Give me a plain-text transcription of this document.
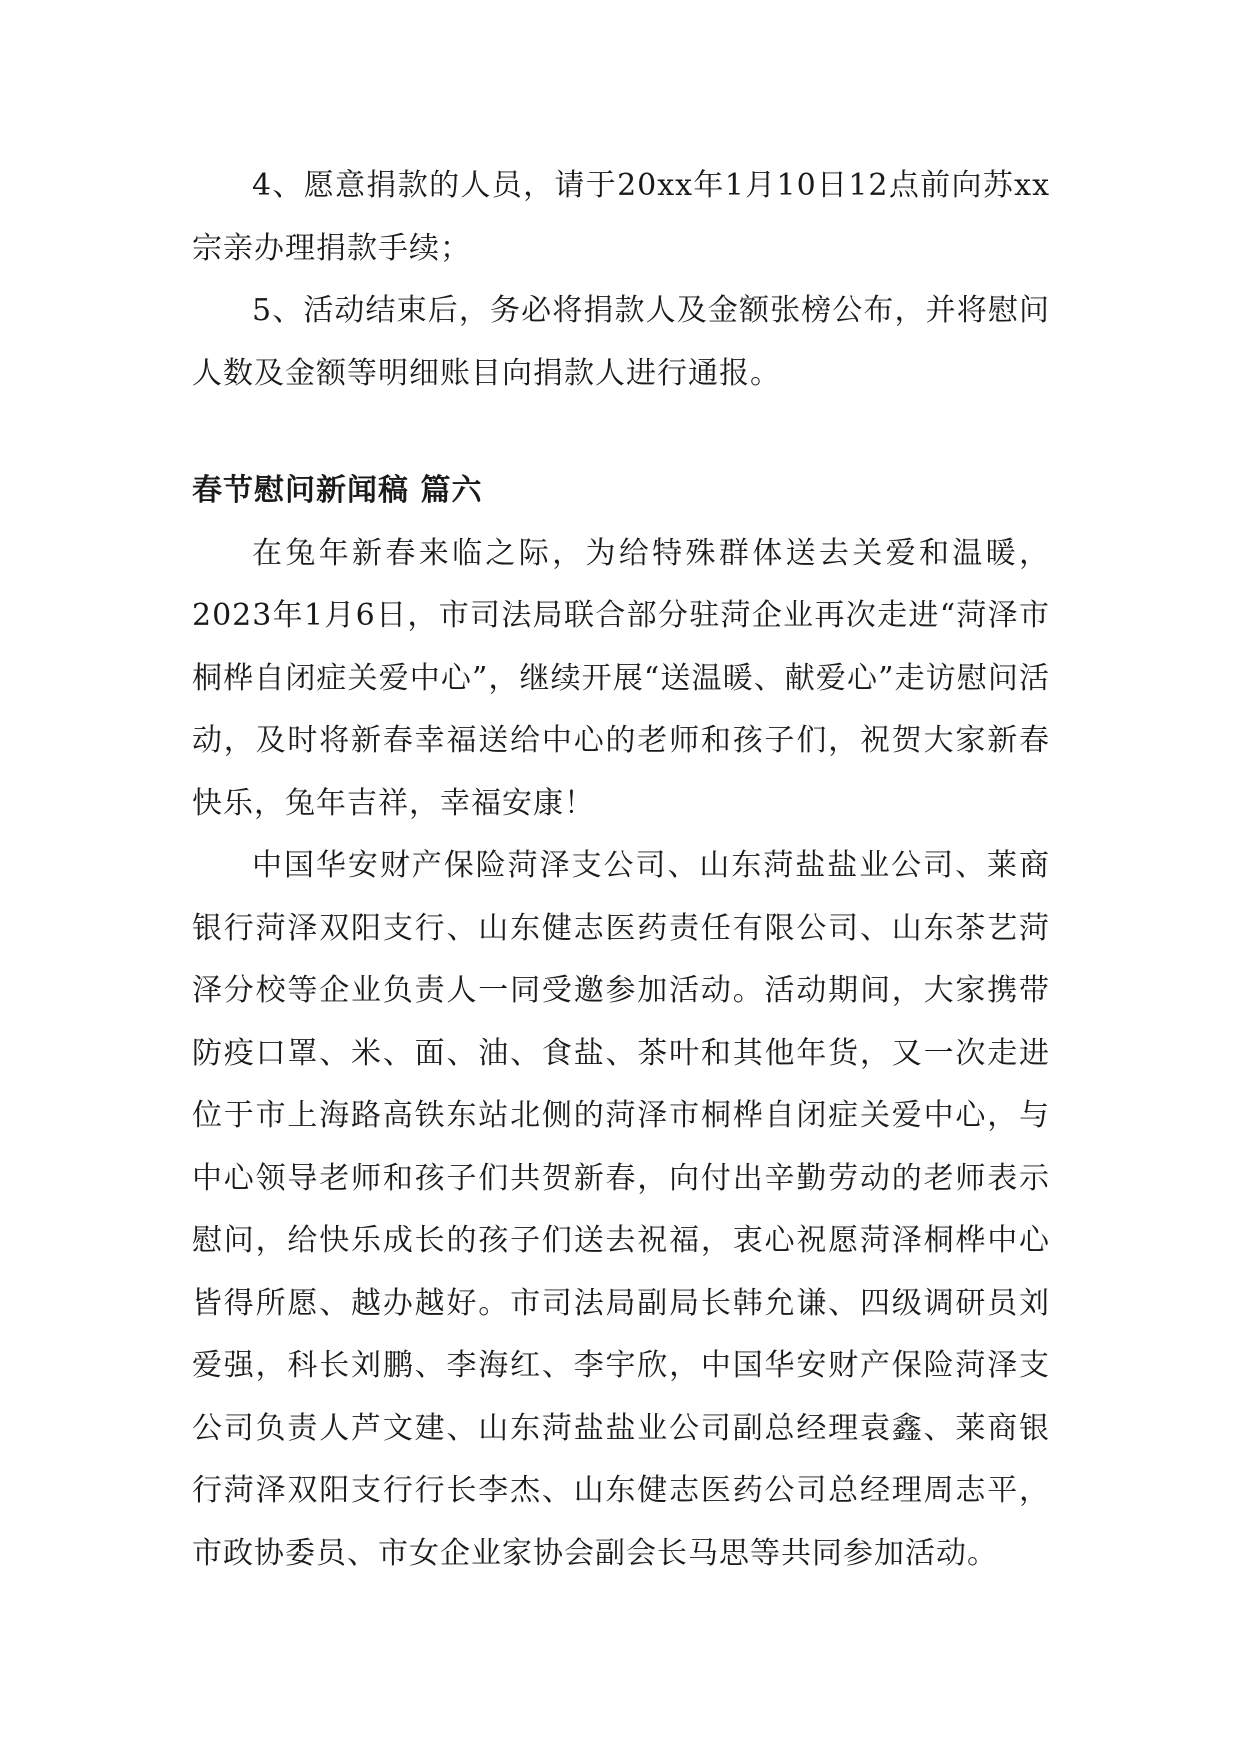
4、愿意捐款的人员，请于20xx年1月10日12点前向苏xx宗亲办理捐款手续；

5、活动结束后，务必将捐款人及金额张榜公布，并将慰问人数及金额等明细账目向捐款人进行通报。

春节慰问新闻稿 篇六

在兔年新春来临之际，为给特殊群体送去关爱和温暖，2023年1月6日，市司法局联合部分驻菏企业再次走进“菏泽市桐桦自闭症关爱中心”，继续开展“送温暖、献爱心”走访慰问活动，及时将新春幸福送给中心的老师和孩子们，祝贺大家新春快乐，兔年吉祥，幸福安康！

中国华安财产保险菏泽支公司、山东菏盐盐业公司、莱商银行菏泽双阳支行、山东健志医药责任有限公司、山东茶艺菏泽分校等企业负责人一同受邀参加活动。活动期间，大家携带防疫口罩、米、面、油、食盐、茶叶和其他年货，又一次走进位于市上海路高铁东站北侧的菏泽市桐桦自闭症关爱中心，与中心领导老师和孩子们共贺新春，向付出辛勤劳动的老师表示慰问，给快乐成长的孩子们送去祝福，衷心祝愿菏泽桐桦中心皆得所愿、越办越好。市司法局副局长韩允谦、四级调研员刘爱强，科长刘鹏、李海红、李宇欣，中国华安财产保险菏泽支公司负责人芦文建、山东菏盐盐业公司副总经理袁鑫、莱商银行菏泽双阳支行行长李杰、山东健志医药公司总经理周志平，市政协委员、市女企业家协会副会长马思等共同参加活动。
